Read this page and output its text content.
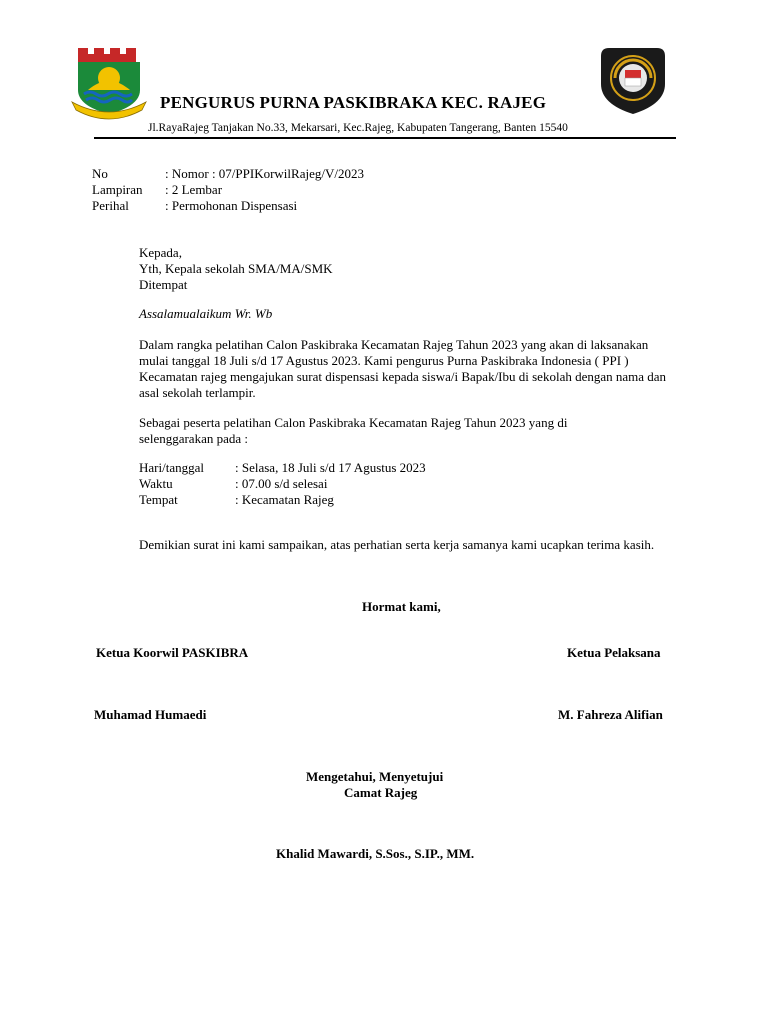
PENGURUS PURNA PASKIBRAKA KEC. RAJEG
Jl.RayaRajeg Tanjakan No.33, Mekarsari, Kec.Rajeg, Kabupaten Tangerang, Banten 15540
No	: Nomor : 07/PPIKorwilRajeg/V/2023
Lampiran : 2 Lembar
Perihal	: Permohonan Dispensasi
Kepada,
Yth, Kepala sekolah SMA/MA/SMK
Ditempat
Assalamualaikum Wr. Wb
Dalam rangka pelatihan Calon Paskibraka Kecamatan Rajeg Tahun 2023 yang akan di laksanakan mulai tanggal 18 Juli s/d 17 Agustus 2023. Kami pengurus Purna Paskibraka Indonesia ( PPI ) Kecamatan rajeg mengajukan surat dispensasi kepada siswa/i Bapak/Ibu di sekolah dengan nama dan asal sekolah terlampir.
Sebagai peserta pelatihan Calon Paskibraka Kecamatan Rajeg Tahun 2023 yang di selenggarakan pada :
Hari/tanggal : Selasa, 18 Juli s/d 17 Agustus 2023
Waktu	: 07.00 s/d selesai
Tempat	: Kecamatan Rajeg
Demikian surat ini kami sampaikan, atas perhatian serta kerja samanya kami ucapkan terima kasih.
Hormat kami,
Ketua Koorwil PASKIBRA	Ketua Pelaksana
Muhamad Humaedi	M. Fahreza Alifian
Mengetahui, Menyetujui
Camat Rajeg
Khalid Mawardi, S.Sos., S.IP., MM.
